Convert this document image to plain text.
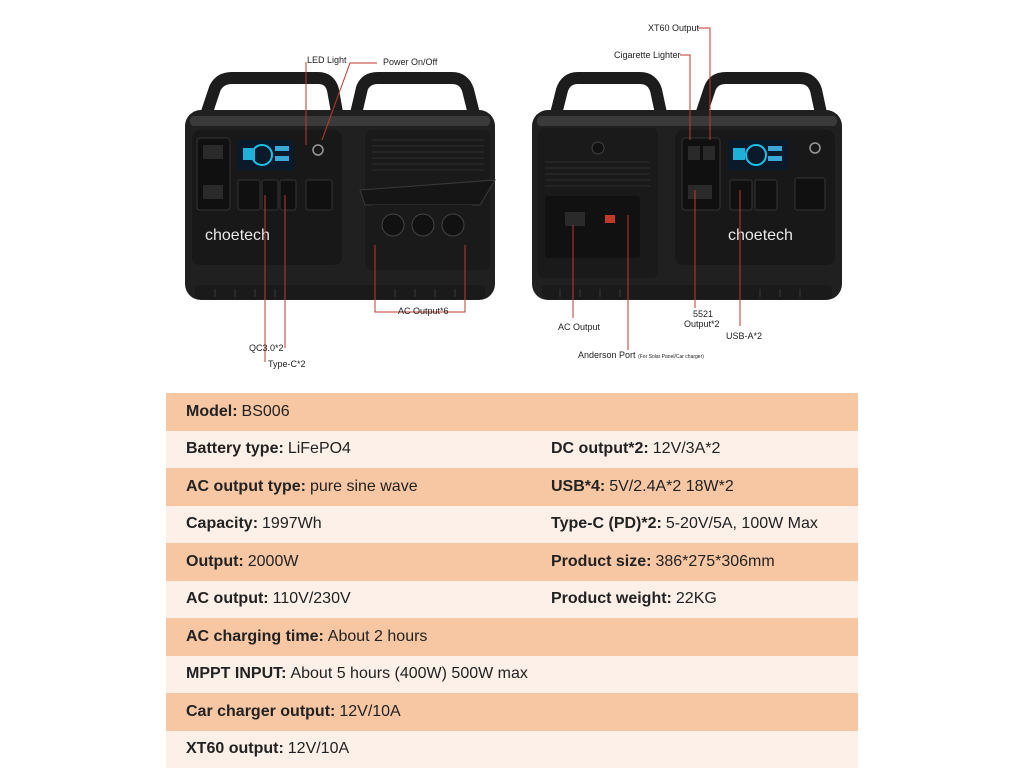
choetech	choetech
LED Light	Power On/Off
QC3.0*2
Type-C*2
AC Output*6
XT60 Output
Cigarette Lighter
AC Output
5521
Output*2
USB-A*2
Anderson Port (For Solar Panel/Car charger)
Model: BS006
Battery type: LiFePO4	DC output*2: 12V/3A*2
AC output type: pure sine wave	USB*4: 5V/2.4A*2 18W*2
Capacity: 1997Wh	Type-C (PD)*2: 5-20V/5A, 100W Max
Output: 2000W	Product size: 386*275*306mm
AC output: 110V/230V	Product weight: 22KG
AC charging time: About 2 hours
MPPT INPUT: About 5 hours (400W) 500W max
Car charger output: 12V/10A
XT60 output: 12V/10A
